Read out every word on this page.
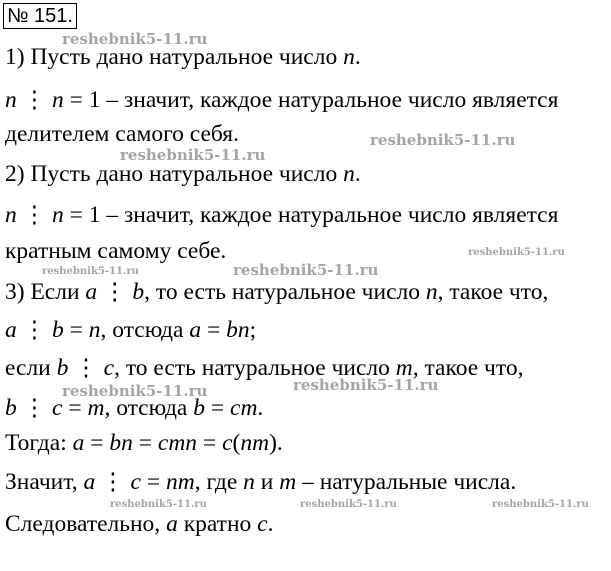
№ 151.
1) Пусть дано натуральное число n.
n ⋮ n = 1 – значит, каждое натуральное число является
делителем самого себя.
2) Пусть дано натуральное число n.
n ⋮ n = 1 – значит, каждое натуральное число является
кратным самому себе.
3) Если a ⋮ b, то есть натуральное число n, такое что,
a ⋮ b = n, отсюда a = bn;
если b ⋮ c, то есть натуральное число m, такое что,
b ⋮ c = m, отсюда b = cm.
Тогда: a = bn = cmn = c(nm).
Значит, a ⋮ c = nm, где n и m – натуральные числа.
Следовательно, a кратно c.
reshebnik5-11.ru
reshebnik5-11.ru
reshebnik5-11.ru
reshebnik5-11.ru
reshebnik5-11.ru	reshebnik5-11.ru
reshebnik5-11.ru	reshebnik5-11.ru
reshebnik5-11.ru	reshebnik5-11.ru	reshebnik5-11.ru
